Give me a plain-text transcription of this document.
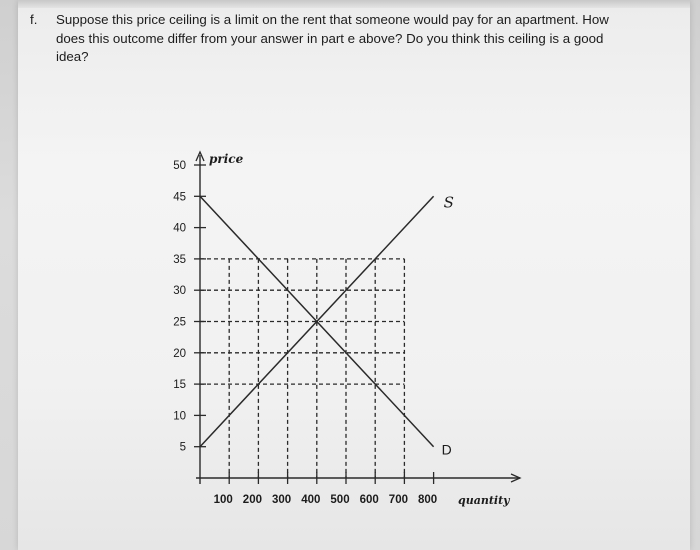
f. Suppose this price ceiling is a limit on the rent that someone would pay for an apartment. How
does this outcome differ from your answer in part e above? Do you think this ceiling is a good
idea?
5
10
15
20
25
30
35
40
45
50
100 200 300 400 500 600 700 800
S
D
price
quantity
